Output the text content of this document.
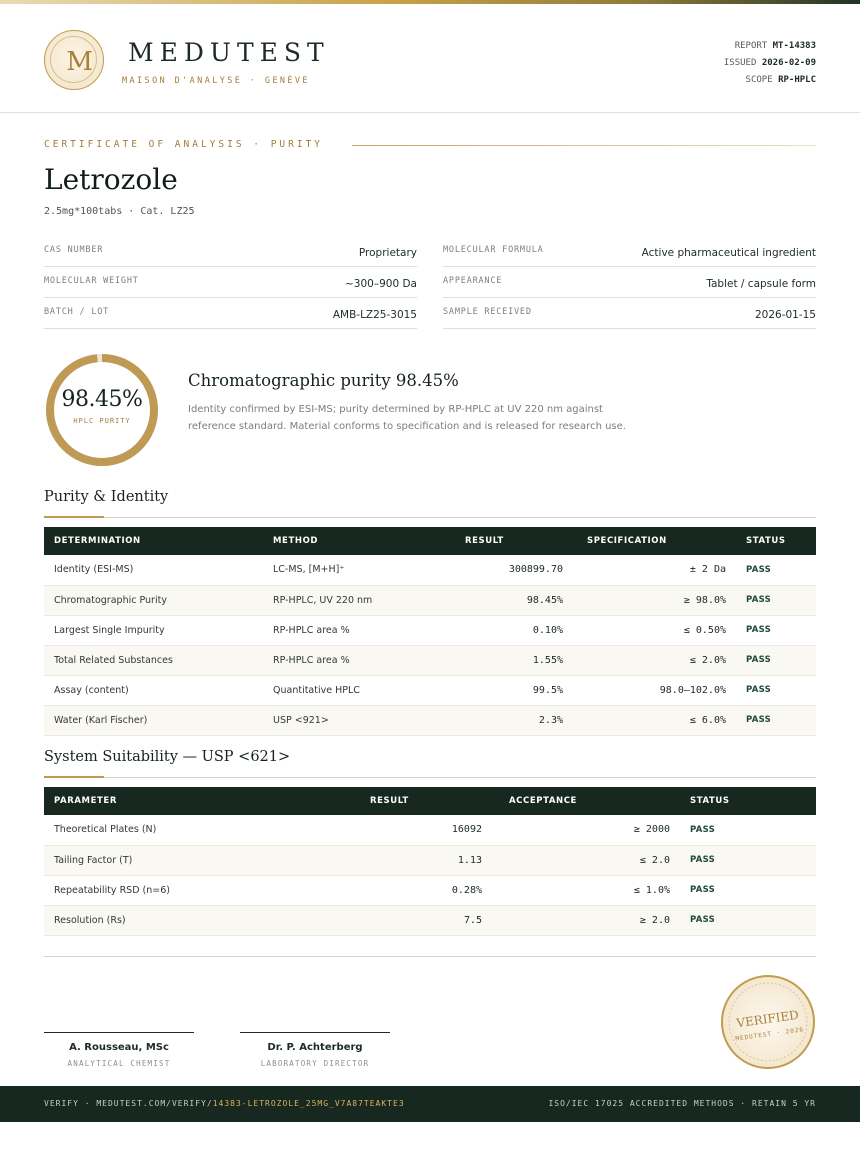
M	MEDUTEST
MAISON D'ANALYSE · GENÈVE
REPORT MT-14383
ISSUED 2026-02-09
SCOPE RP-HPLC
CERTIFICATE OF ANALYSIS · PURITY
Letrozole
2.5mg*100tabs · Cat. LZ25
CAS NUMBER	Proprietary
MOLECULAR WEIGHT	~300–900 Da
BATCH / LOT	AMB-LZ25-3015
MOLECULAR FORMULA	Active pharmaceutical ingredient
APPEARANCE	Tablet / capsule form
SAMPLE RECEIVED	2026-01-15
98.45%
HPLC PURITY
Chromatographic purity 98.45%
Identity confirmed by ESI-MS; purity determined by RP-HPLC at UV 220 nm against reference standard. Material conforms to specification and is released for research use.
Purity & Identity
DETERMINATION	METHOD	RESULT	SPECIFICATION	STATUS
Identity (ESI-MS)	LC-MS, [M+H]⁺	300899.70	± 2 Da	PASS
Chromatographic Purity	RP-HPLC, UV 220 nm	98.45%	≥ 98.0%	PASS
Largest Single Impurity	RP-HPLC area %	0.10%	≤ 0.50%	PASS
Total Related Substances	RP-HPLC area %	1.55%	≤ 2.0%	PASS
Assay (content)	Quantitative HPLC	99.5%	98.0–102.0%	PASS
Water (Karl Fischer)	USP <921>	2.3%	≤ 6.0%	PASS
System Suitability — USP <621>
PARAMETER	RESULT	ACCEPTANCE	STATUS
Theoretical Plates (N)	16092	≥ 2000	PASS
Tailing Factor (T)	1.13	≤ 2.0	PASS
Repeatability RSD (n=6)	0.28%	≤ 1.0%	PASS
Resolution (Rs)	7.5	≥ 2.0	PASS
A. Rousseau, MSc
ANALYTICAL CHEMIST
Dr. P. Achterberg
LABORATORY DIRECTOR
VERIFIED
MEDUTEST · 2026
VERIFY · MEDUTEST.COM/VERIFY/14383-LETROZOLE_25MG_V7A87TEAKTE3	ISO/IEC 17025 ACCREDITED METHODS · RETAIN 5 YR
